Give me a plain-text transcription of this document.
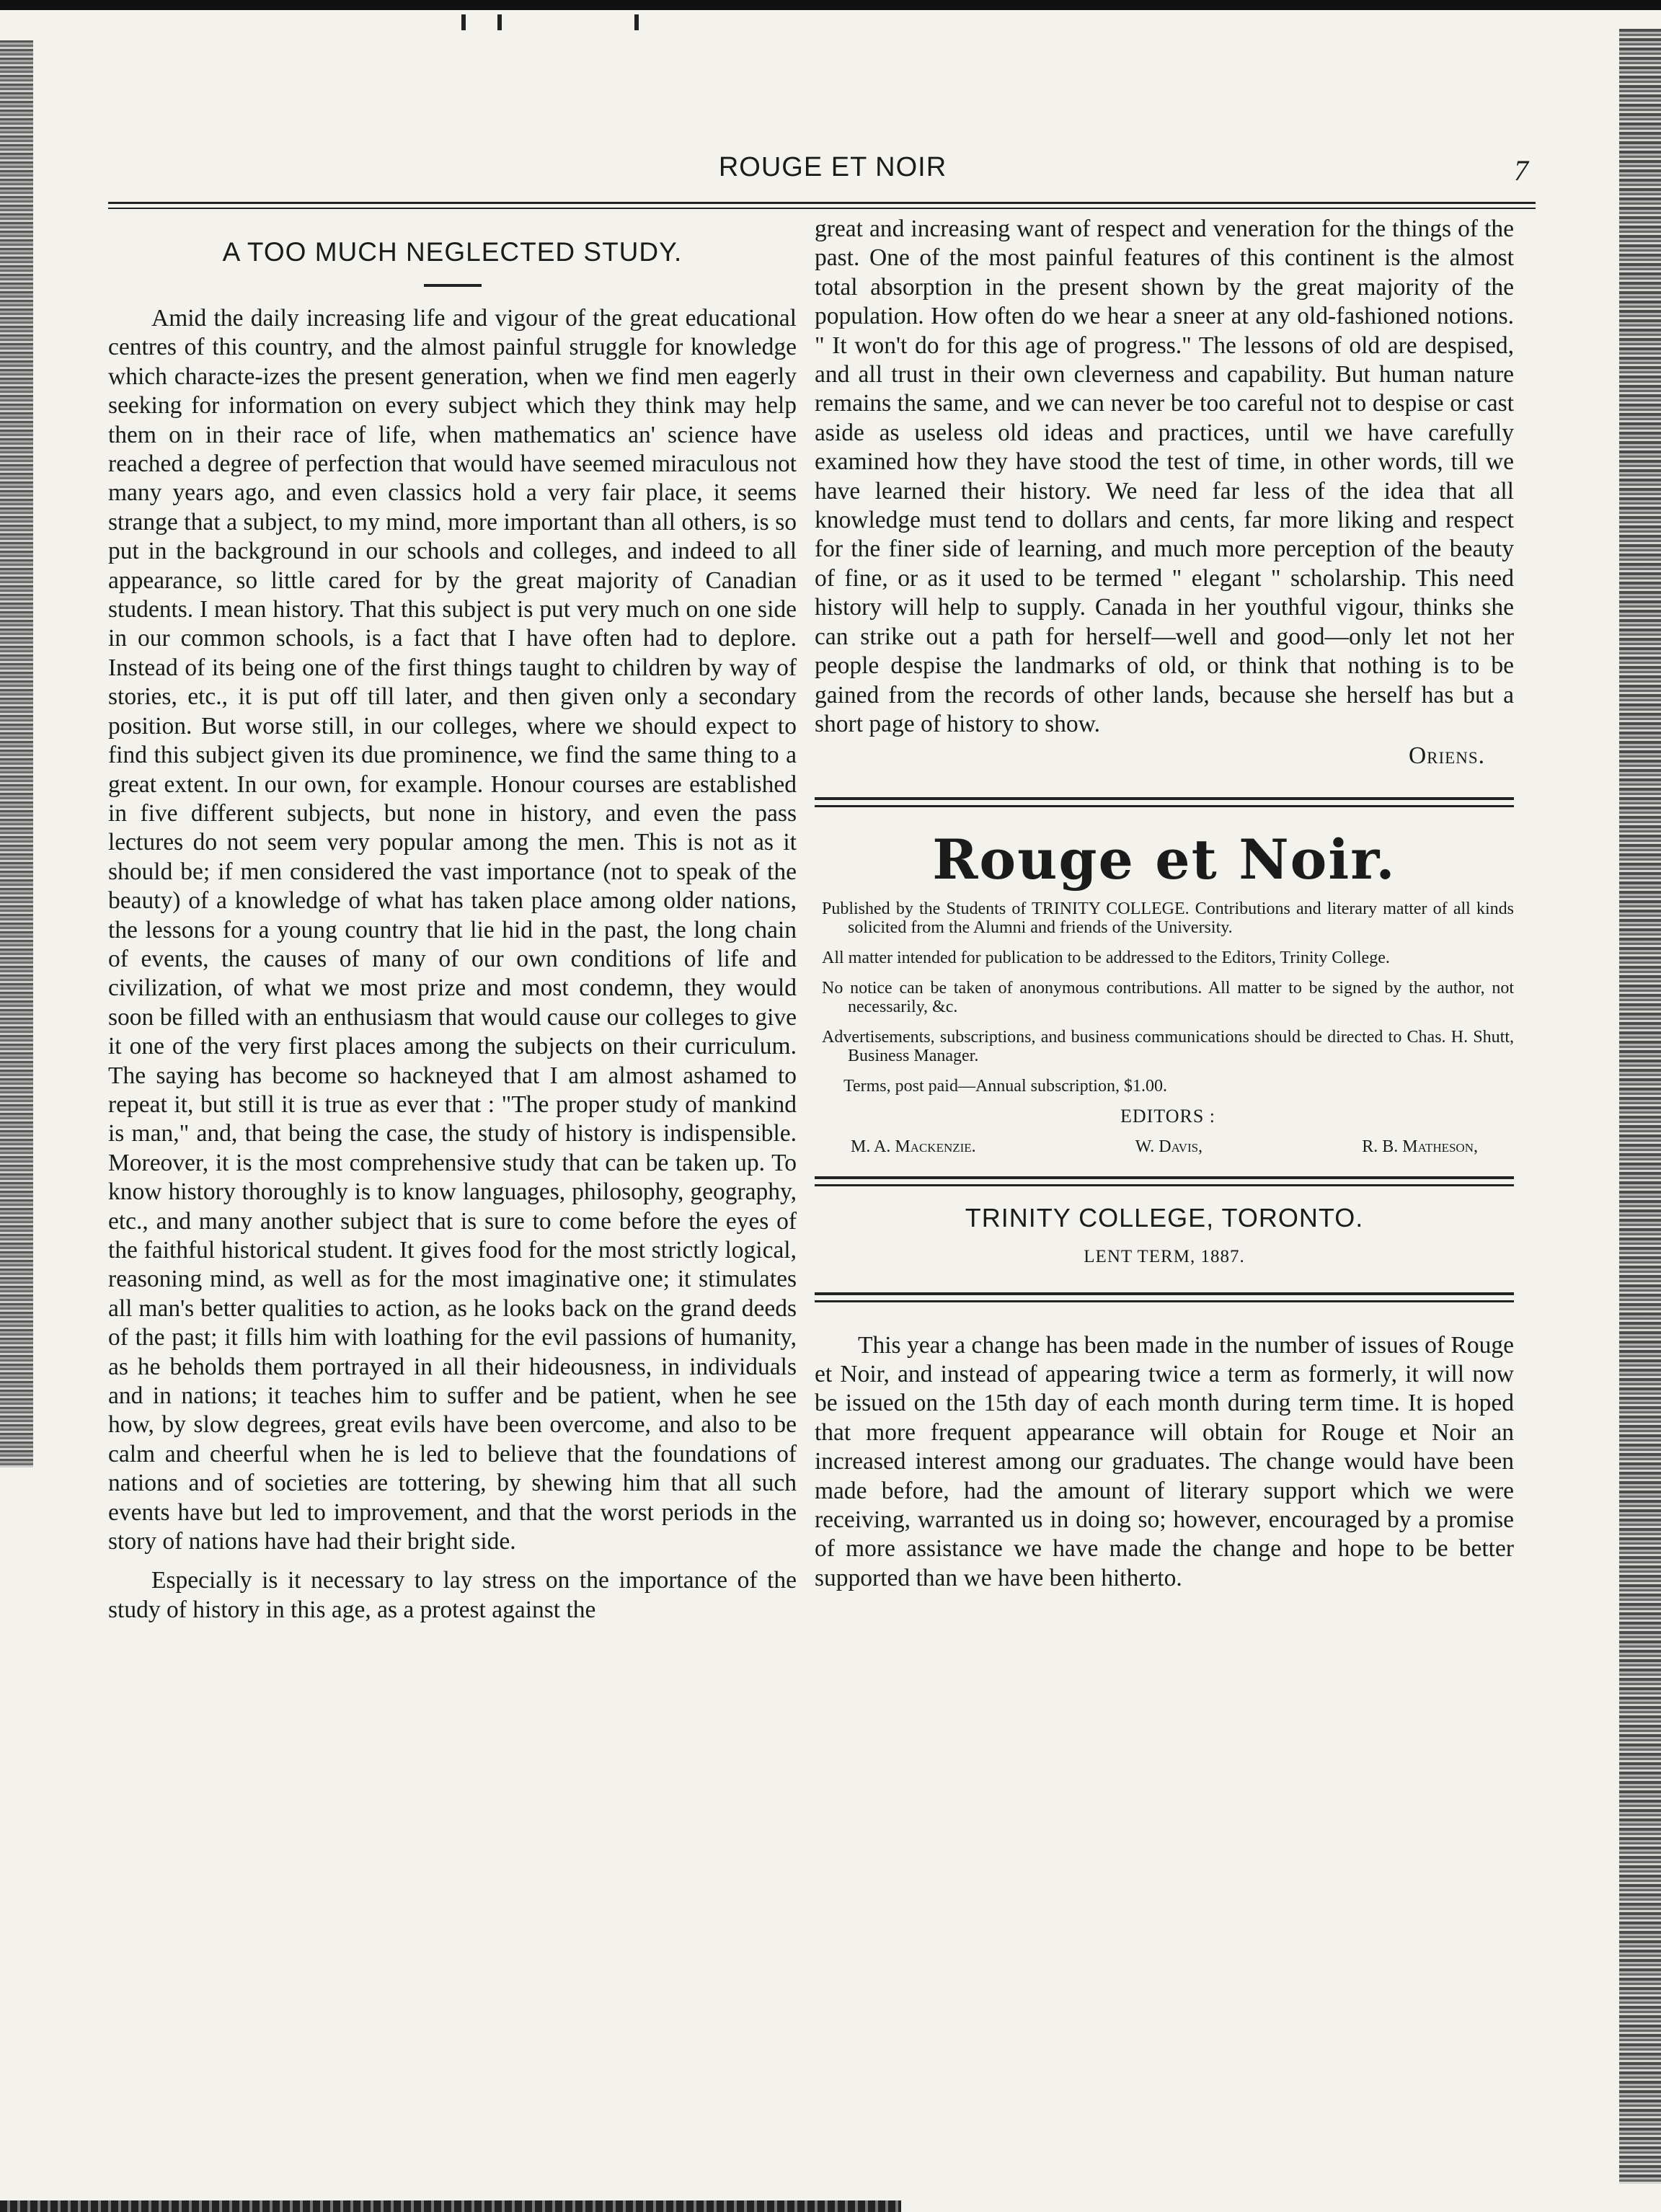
ROUGE ET NOIR	7
A TOO MUCH NEGLECTED STUDY.

Amid the daily increasing life and vigour of the great educational centres of this country, and the almost painful struggle for knowledge which characte-izes the present generation, when we find men eagerly seeking for information on every subject which they think may help them on in their race of life, when mathematics an' science have reached a degree of perfection that would have seemed miraculous not many years ago, and even classics hold a very fair place, it seems strange that a subject, to my mind, more important than all others, is so put in the background in our schools and colleges, and indeed to all appearance, so little cared for by the great majority of Canadian students. I mean history. That this subject is put very much on one side in our common schools, is a fact that I have often had to deplore. Instead of its being one of the first things taught to children by way of stories, etc., it is put off till later, and then given only a secondary position. But worse still, in our colleges, where we should expect to find this subject given its due prominence, we find the same thing to a great extent. In our own, for example. Honour courses are established in five different subjects, but none in history, and even the pass lectures do not seem very popular among the men. This is not as it should be; if men considered the vast importance (not to speak of the beauty) of a knowledge of what has taken place among older nations, the lessons for a young country that lie hid in the past, the long chain of events, the causes of many of our own conditions of life and civilization, of what we most prize and most condemn, they would soon be filled with an enthusiasm that would cause our colleges to give it one of the very first places among the subjects on their curriculum. The saying has become so hackneyed that I am almost ashamed to repeat it, but still it is true as ever that : "The proper study of mankind is man," and, that being the case, the study of history is indispensible. Moreover, it is the most comprehensive study that can be taken up. To know history thoroughly is to know languages, philosophy, geography, etc., and many another subject that is sure to come before the eyes of the faithful historical student. It gives food for the most strictly logical, reasoning mind, as well as for the most imaginative one; it stimulates all man's better qualities to action, as he looks back on the grand deeds of the past; it fills him with loathing for the evil passions of humanity, as he beholds them portrayed in all their hideousness, in individuals and in nations; it teaches him to suffer and be patient, when he see how, by slow degrees, great evils have been overcome, and also to be calm and cheerful when he is led to believe that the foundations of nations and of societies are tottering, by shewing him that all such events have but led to improvement, and that the worst periods in the story of nations have had their bright side.

Especially is it necessary to lay stress on the importance of the study of history in this age, as a protest against the

great and increasing want of respect and veneration for the things of the past. One of the most painful features of this continent is the almost total absorption in the present shown by the great majority of the population. How often do we hear a sneer at any old-fashioned notions. " It won't do for this age of progress." The lessons of old are despised, and all trust in their own cleverness and capability. But human nature remains the same, and we can never be too careful not to despise or cast aside as useless old ideas and practices, until we have carefully examined how they have stood the test of time, in other words, till we have learned their history. We need far less of the idea that all knowledge must tend to dollars and cents, far more liking and respect for the finer side of learning, and much more perception of the beauty of fine, or as it used to be termed " elegant " scholarship. This need history will help to supply. Canada in her youthful vigour, thinks she can strike out a path for herself—well and good—only let not her people despise the landmarks of old, or think that nothing is to be gained from the records of other lands, because she herself has but a short page of history to show.

Oriens.
Rouge et Noir.

Published by the Students of TRINITY COLLEGE. Contributions and literary matter of all kinds solicited from the Alumni and friends of the University.

All matter intended for publication to be addressed to the Editors, Trinity College.

No notice can be taken of anonymous contributions. All matter to be signed by the author, not necessarily, &c.

Advertisements, subscriptions, and business communications should be directed to Chas. H. Shutt, Business Manager.

Terms, post paid—Annual subscription, $1.00.

EDITORS :
M. A. Mackenzie.	W. Davis,	R. B. Matheson,
TRINITY COLLEGE, TORONTO.
LENT TERM, 1887.

This year a change has been made in the number of issues of Rouge et Noir, and instead of appearing twice a term as formerly, it will now be issued on the 15th day of each month during term time. It is hoped that more frequent appearance will obtain for Rouge et Noir an increased interest among our graduates. The change would have been made before, had the amount of literary support which we were receiving, warranted us in doing so; however, encouraged by a promise of more assistance we have made the change and hope to be better supported than we have been hitherto.
